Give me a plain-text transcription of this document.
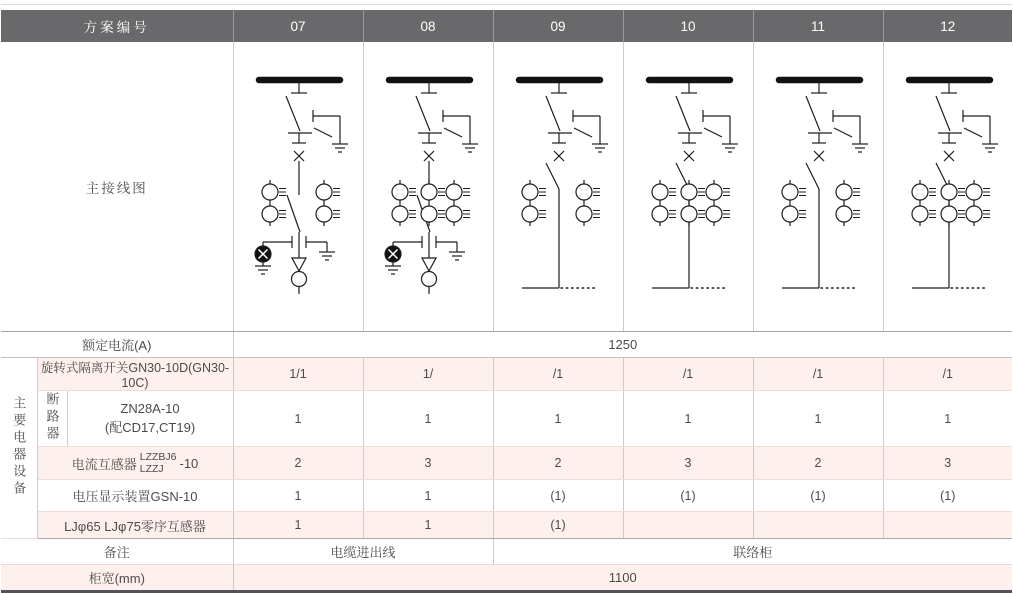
方案编号			07	08	09	10	11	12
主接线图	

额定电流(A)			1250					
主要电器设备	旋转式隔离开关GN30-10D(GN30-10C)		1/1	1/	/1	/1	/1	/1
	断路器	ZN28A-10
(配CD17,CT19)	1	1	1	1	1	1

	电流互感器 LZZBJ6
LZZJ -10		2	3	2	3	2	3
	电压显示装置GSN-10		1	1	(1)	(1)	(1)	(1)
	LJφ65 LJφ75零序互感器		1	1	(1)			
备注			电缆进出线		联络柜			
柜宽(mm)			1100					
